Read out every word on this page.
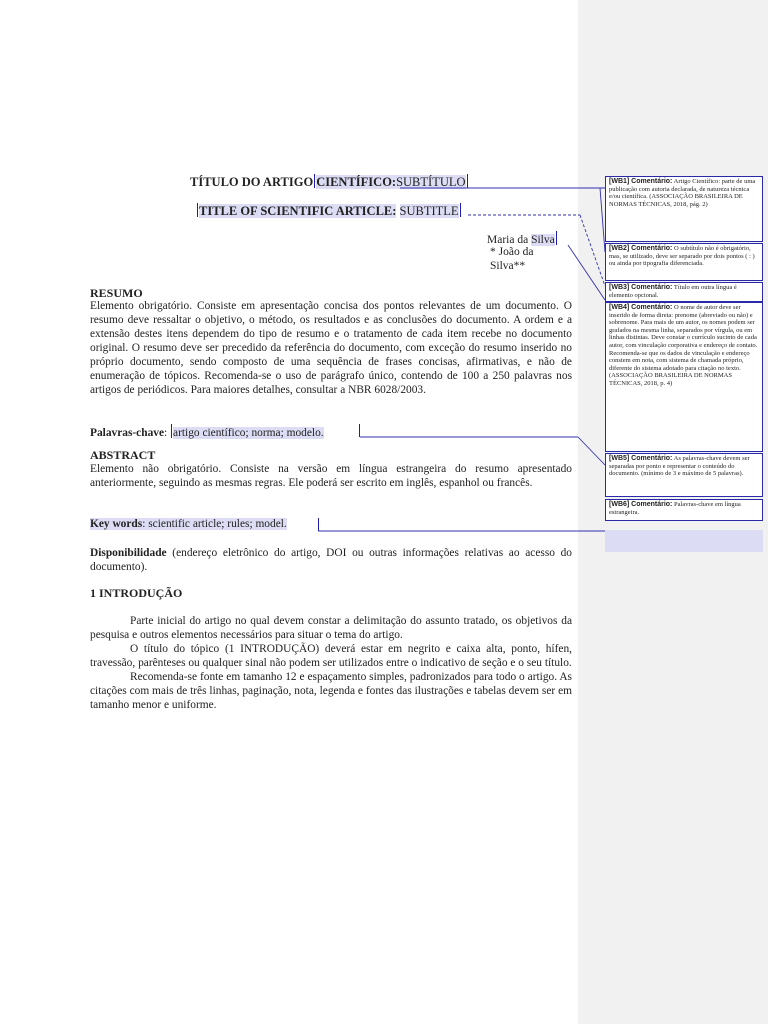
TÍTULO DO ARTIGO CIENTÍFICO:SUBTÍTULO
TITLE OF SCIENTIFIC ARTICLE: SUBTITLE
Maria da Silva
* João da
Silva**
RESUMO
Elemento obrigatório. Consiste em apresentação concisa dos pontos relevantes de um documento. O resumo deve ressaltar o objetivo, o método, os resultados e as conclusões do documento. A ordem e a extensão destes itens dependem do tipo de resumo e o tratamento de cada item recebe no documento original. O resumo deve ser precedido da referência do documento, com exceção do resumo inserido no próprio documento, sendo composto de uma sequência de frases concisas, afirmativas, e não de enumeração de tópicos. Recomenda-se o uso de parágrafo único, contendo de 100 a 250 palavras nos artigos de periódicos. Para maiores detalhes, consultar a NBR 6028/2003.
Palavras-chave: artigo científico; norma; modelo.
ABSTRACT
Elemento não obrigatório. Consiste na versão em língua estrangeira do resumo apresentado anteriormente, seguindo as mesmas regras. Ele poderá ser escrito em inglês, espanhol ou francês.
Key words: scientific article; rules; model.
Disponibilidade (endereço eletrônico do artigo, DOI ou outras informações relativas ao acesso do documento).
1 INTRODUÇÃO
Parte inicial do artigo no qual devem constar a delimitação do assunto tratado, os objetivos da pesquisa e outros elementos necessários para situar o tema do artigo.
O título do tópico (1 INTRODUÇÃO) deverá estar em negrito e caixa alta, ponto, hífen, travessão, parênteses ou qualquer sinal não podem ser utilizados entre o indicativo de seção e o seu título.
Recomenda-se fonte em tamanho 12 e espaçamento simples, padronizados para todo o artigo. As citações com mais de três linhas, paginação, nota, legenda e fontes das ilustrações e tabelas devem ser em tamanho menor e uniforme.
[WB1] Comentário: Artigo Científico: parte de uma publicação com autoria declarada, de natureza técnica e/ou científica. (ASSOCIAÇÃO BRASILEIRA DE NORMAS TÉCNICAS, 2018, pág. 2)
[WB2] Comentário: O subtítulo não é obrigatório, mas, se utilizado, deve ser separado por dois pontos ( : ) ou ainda por tipografia diferenciada.
[WB3] Comentário: Título em outra língua é elemento opcional.
[WB4] Comentário: O nome de autor deve ser inserido de forma direta: prenome (abreviado ou não) e sobrenome. Para mais de um autor, os nomes podem ser grafados na mesma linha, separados por vírgula, ou em linhas distintas. Deve constar o currículo sucinto de cada autor, com vinculação corporativa e endereço de contato. Recomenda-se que os dados de vinculação e endereço constem em nota, com sistema de chamada próprio, diferente do sistema adotado para citação no texto. (ASSOCIAÇÃO BRASILEIRA DE NORMAS TÉCNICAS, 2018, p. 4)
[WB5] Comentário: As palavras-chave devem ser separadas por ponto e representar o conteúdo do documento. (mínimo de 3 e máximo de 5 palavras).
[WB6] Comentário: Palavras-chave em língua estrangeira.
